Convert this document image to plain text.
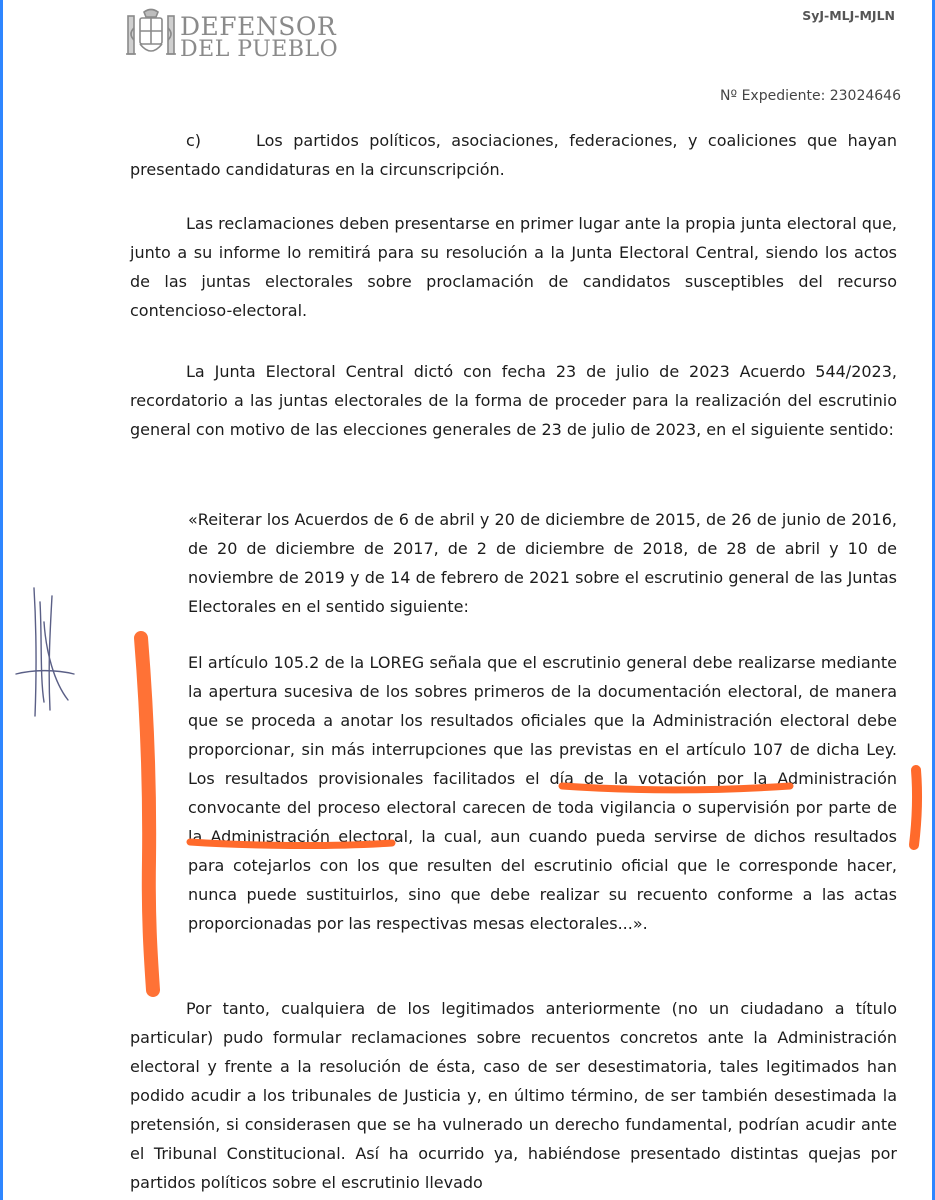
DEFENSOR
DEL PUEBLO
SyJ-MLJ-MJLN
Nº Expediente: 23024646

c)	Los partidos políticos, asociaciones, federaciones, y coaliciones que hayan presentado candidaturas en la circunscripción.

Las reclamaciones deben presentarse en primer lugar ante la propia junta electoral que, junto a su informe lo remitirá para su resolución a la Junta Electoral Central, siendo los actos de las juntas electorales sobre proclamación de candidatos susceptibles del recurso contencioso-electoral.

La Junta Electoral Central dictó con fecha 23 de julio de 2023 Acuerdo 544/2023, recordatorio a las juntas electorales de la forma de proceder para la realización del escrutinio general con motivo de las elecciones generales de 23 de julio de 2023, en el siguiente sentido:

«Reiterar los Acuerdos de 6 de abril y 20 de diciembre de 2015, de 26 de junio de 2016, de 20 de diciembre de 2017, de 2 de diciembre de 2018, de 28 de abril y 10 de noviembre de 2019 y de 14 de febrero de 2021 sobre el escrutinio general de las Juntas Electorales en el sentido siguiente:

El artículo 105.2 de la LOREG señala que el escrutinio general debe realizarse mediante la apertura sucesiva de los sobres primeros de la documentación electoral, de manera que se proceda a anotar los resultados oficiales que la Administración electoral debe proporcionar, sin más interrupciones que las previstas en el artículo 107 de dicha Ley. Los resultados provisionales facilitados el día de la votación por la Administración convocante del proceso electoral carecen de toda vigilancia o supervisión por parte de la Administración electoral, la cual, aun cuando pueda servirse de dichos resultados para cotejarlos con los que resulten del escrutinio oficial que le corresponde hacer, nunca puede sustituirlos, sino que debe realizar su recuento conforme a las actas proporcionadas por las respectivas mesas electorales...».

Por tanto, cualquiera de los legitimados anteriormente (no un ciudadano a título particular) pudo formular reclamaciones sobre recuentos concretos ante la Administración electoral y frente a la resolución de ésta, caso de ser desestimatoria, tales legitimados han podido acudir a los tribunales de Justicia y, en último término, de ser también desestimada la pretensión, si considerasen que se ha vulnerado un derecho fundamental, podrían acudir ante el Tribunal Constitucional. Así ha ocurrido ya, habiéndose presentado distintas quejas por partidos políticos sobre el escrutinio llevado
